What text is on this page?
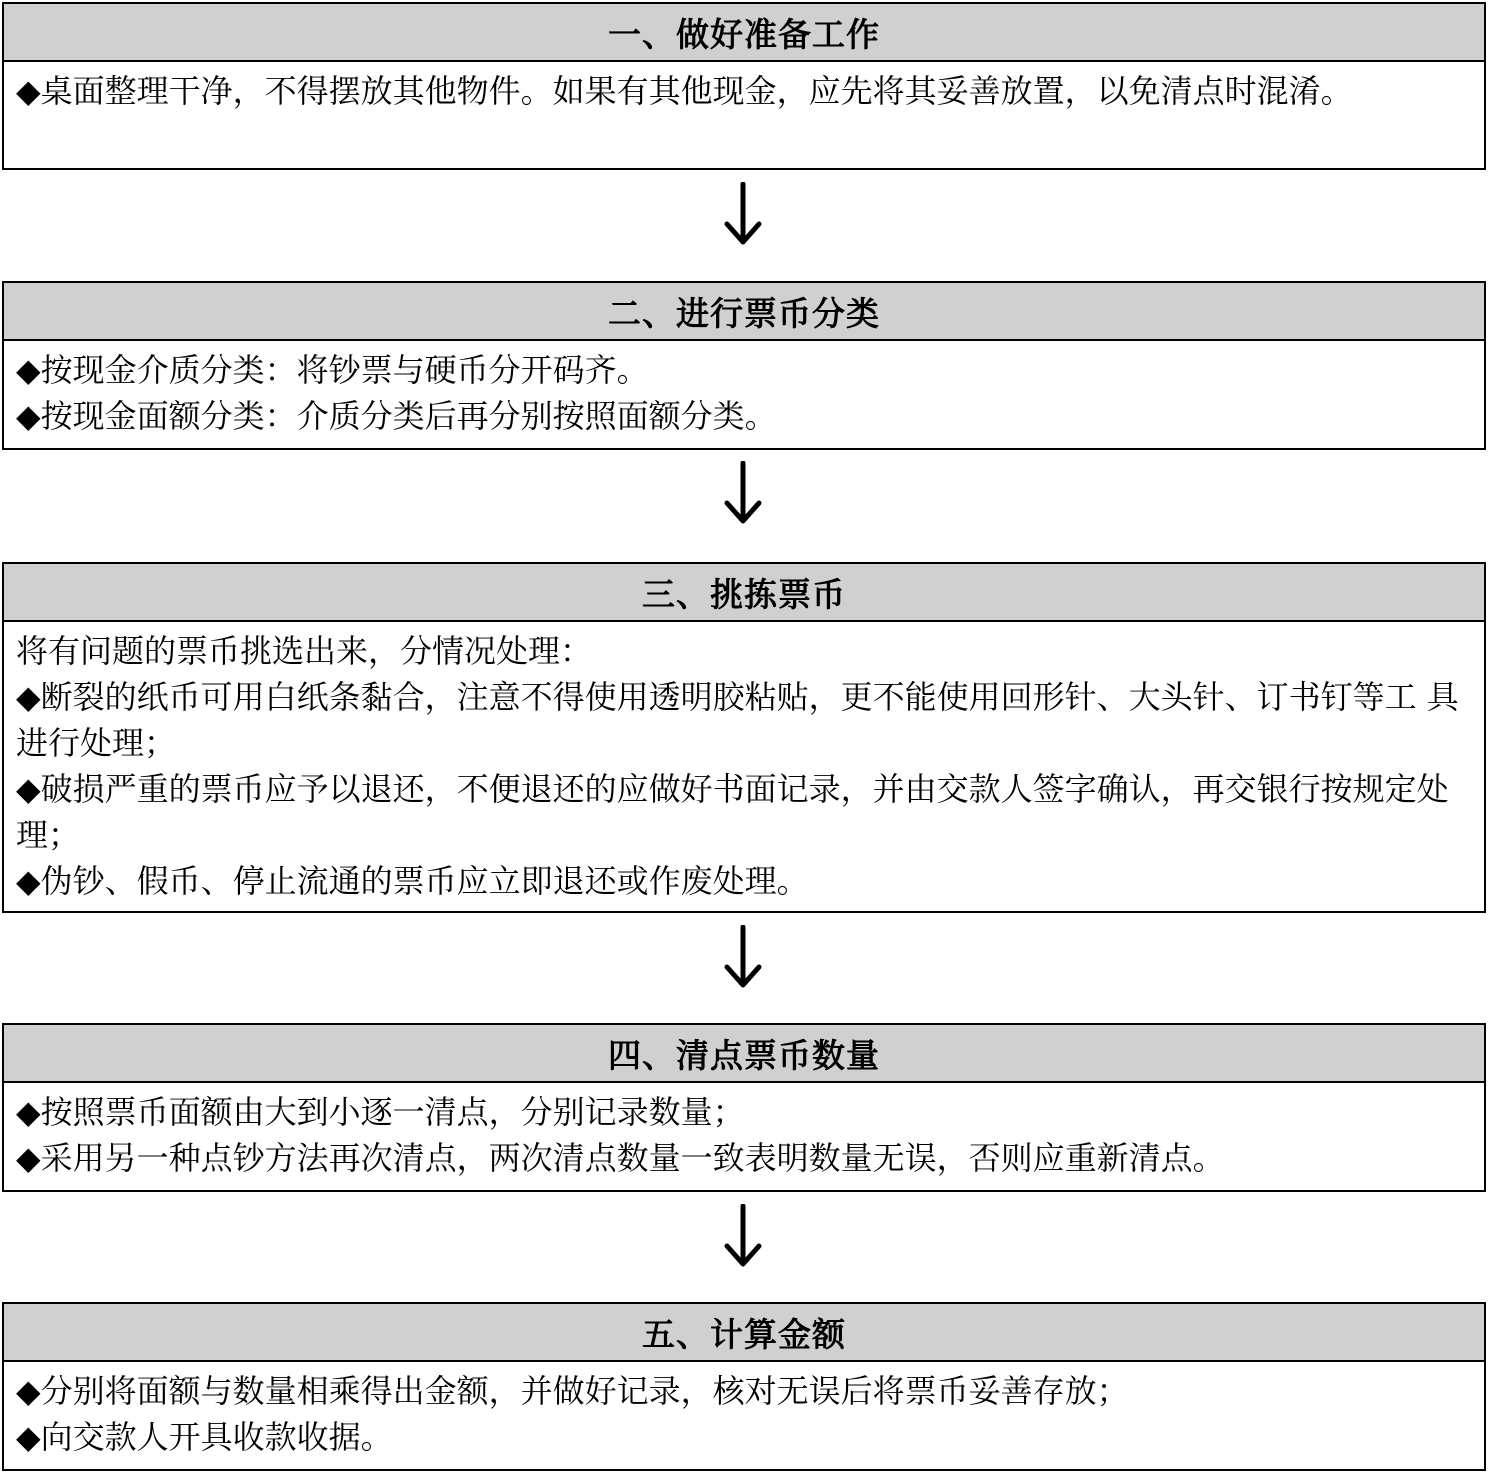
一、做好准备工作
◆桌面整理干净，不得摆放其他物件。如果有其他现金，应先将其妥善放置，以免清点时混淆。
二、进行票币分类
◆按现金介质分类：将钞票与硬币分开码齐。
◆按现金面额分类：介质分类后再分别按照面额分类。
三、挑拣票币
将有问题的票币挑选出来，分情况处理：
◆断裂的纸币可用白纸条黏合，注意不得使用透明胶粘贴，更不能使用回形针、大头针、订书钉等工 具进行处理；
◆破损严重的票币应予以退还，不便退还的应做好书面记录，并由交款人签字确认，再交银行按规定处理；
◆伪钞、假币、停止流通的票币应立即退还或作废处理。
四、清点票币数量
◆按照票币面额由大到小逐一清点，分别记录数量；
◆采用另一种点钞方法再次清点，两次清点数量一致表明数量无误，否则应重新清点。
五、计算金额
◆分别将面额与数量相乘得出金额，并做好记录，核对无误后将票币妥善存放；
◆向交款人开具收款收据。
